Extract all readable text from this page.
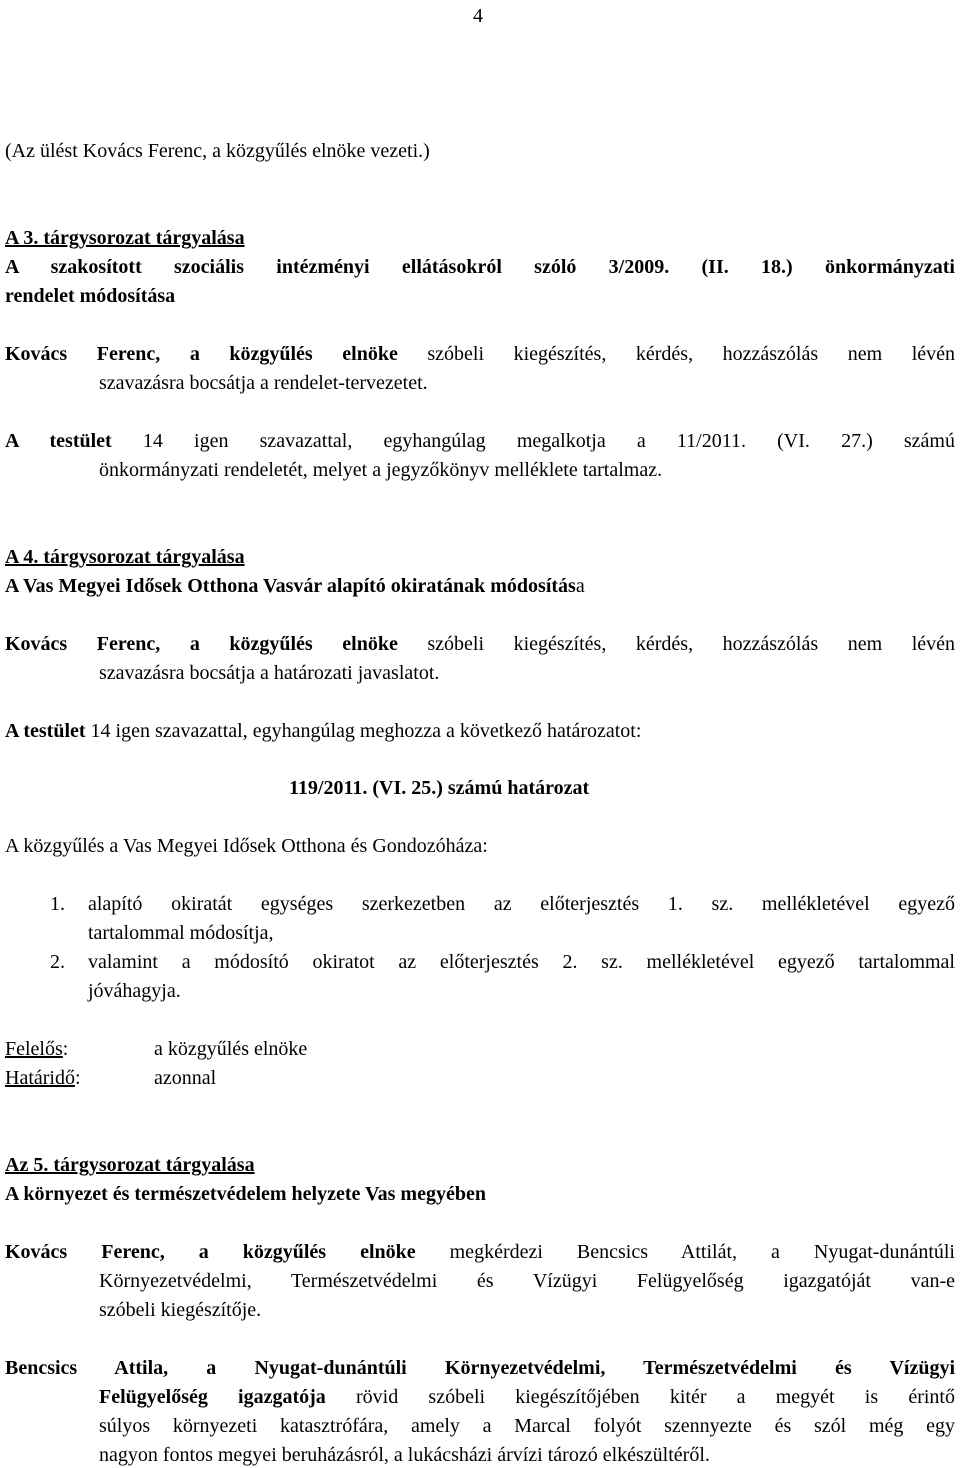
4
(Az ülést Kovács Ferenc, a közgyűlés elnöke vezeti.)
A 3. tárgysorozat tárgyalása
A szakosított szociális intézményi ellátásokról szóló 3/2009. (II. 18.) önkormányzati
rendelet módosítása
Kovács Ferenc, a közgyűlés elnöke szóbeli kiegészítés, kérdés, hozzászólás nem lévén
szavazásra bocsátja a rendelet-tervezetet.
A testület 14 igen szavazattal, egyhangúlag megalkotja a 11/2011. (VI. 27.) számú
önkormányzati rendeletét, melyet a jegyzőkönyv melléklete tartalmaz.
A 4. tárgysorozat tárgyalása
A Vas Megyei Idősek Otthona Vasvár alapító okiratának módosítása
Kovács Ferenc, a közgyűlés elnöke szóbeli kiegészítés, kérdés, hozzászólás nem lévén
szavazásra bocsátja a határozati javaslatot.
A testület 14 igen szavazattal, egyhangúlag meghozza a következő határozatot:
119/2011. (VI. 25.) számú határozat
A közgyűlés a Vas Megyei Idősek Otthona és Gondozóháza:
1. alapító okiratát egységes szerkezetben az előterjesztés 1. sz. mellékletével egyező
tartalommal módosítja,
2. valamint a módosító okiratot az előterjesztés 2. sz. mellékletével egyező tartalommal
jóváhagyja.
Felelős:	a közgyűlés elnöke
Határidő:	azonnal
Az 5. tárgysorozat tárgyalása
A környezet és természetvédelem helyzete Vas megyében
Kovács Ferenc, a közgyűlés elnöke megkérdezi Bencsics Attilát, a Nyugat-dunántúli
Környezetvédelmi, Természetvédelmi és Vízügyi Felügyelőség igazgatóját van-e
szóbeli kiegészítője.
Bencsics Attila, a Nyugat-dunántúli Környezetvédelmi, Természetvédelmi és Vízügyi
Felügyelőség igazgatója rövid szóbeli kiegészítőjében kitér a megyét is érintő
súlyos környezeti katasztrófára, amely a Marcal folyót szennyezte és szól még egy
nagyon fontos megyei beruházásról, a lukácsházi árvízi tározó elkészültéről.
